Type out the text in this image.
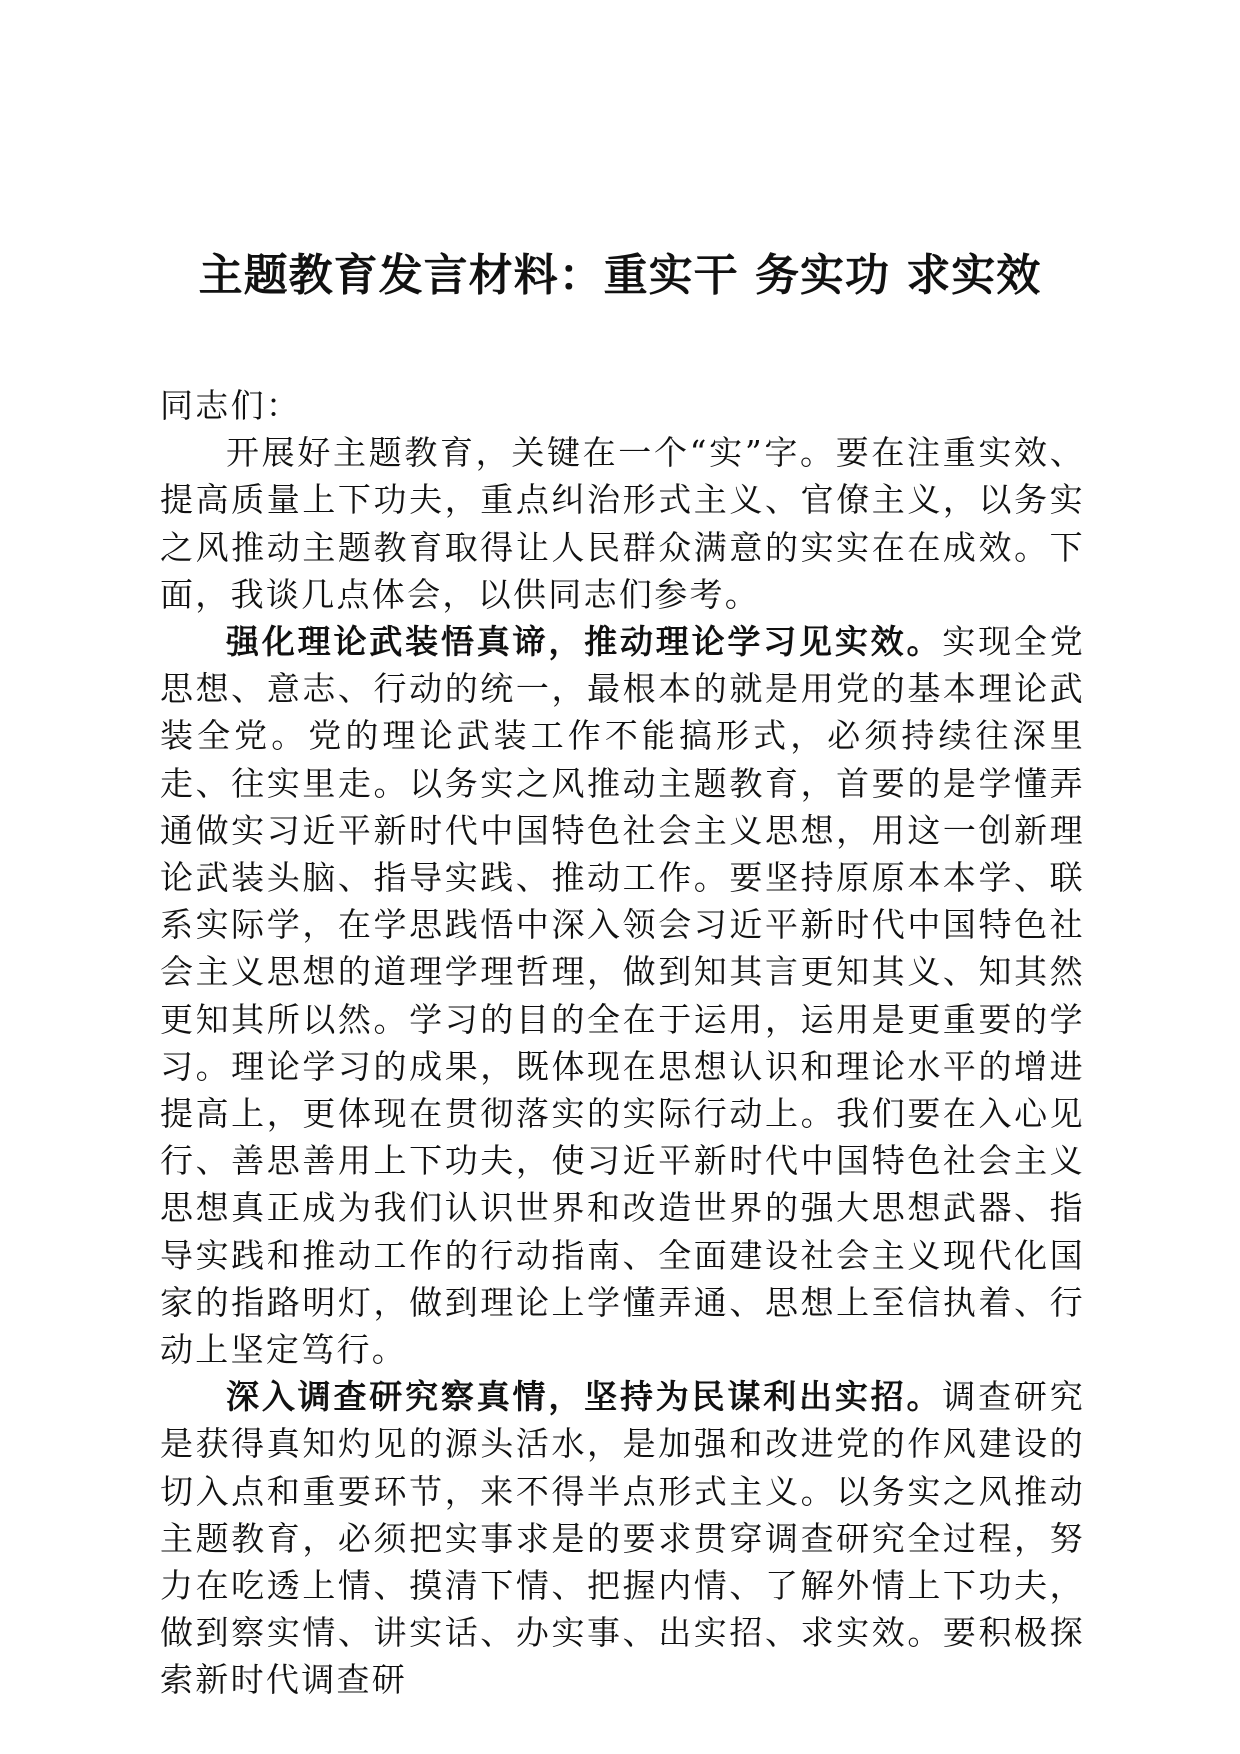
主题教育发言材料：重实干 务实功 求实效

同志们：

开展好主题教育，关键在一个“实”字。要在注重实效、提高质量上下功夫，重点纠治形式主义、官僚主义，以务实之风推动主题教育取得让人民群众满意的实实在在成效。下面，我谈几点体会，以供同志们参考。

强化理论武装悟真谛，推动理论学习见实效。实现全党思想、意志、行动的统一，最根本的就是用党的基本理论武装全党。党的理论武装工作不能搞形式，必须持续往深里走、往实里走。以务实之风推动主题教育，首要的是学懂弄通做实习近平新时代中国特色社会主义思想，用这一创新理论武装头脑、指导实践、推动工作。要坚持原原本本学、联系实际学，在学思践悟中深入领会习近平新时代中国特色社会主义思想的道理学理哲理，做到知其言更知其义、知其然更知其所以然。学习的目的全在于运用，运用是更重要的学习。理论学习的成果，既体现在思想认识和理论水平的增进提高上，更体现在贯彻落实的实际行动上。我们要在入心见行、善思善用上下功夫，使习近平新时代中国特色社会主义思想真正成为我们认识世界和改造世界的强大思想武器、指导实践和推动工作的行动指南、全面建设社会主义现代化国家的指路明灯，做到理论上学懂弄通、思想上至信执着、行动上坚定笃行。

深入调查研究察真情，坚持为民谋利出实招。调查研究是获得真知灼见的源头活水，是加强和改进党的作风建设的切入点和重要环节，来不得半点形式主义。以务实之风推动主题教育，必须把实事求是的要求贯穿调查研究全过程，努力在吃透上情、摸清下情、把握内情、了解外情上下功夫，做到察实情、讲实话、办实事、出实招、求实效。要积极探索新时代调查研
